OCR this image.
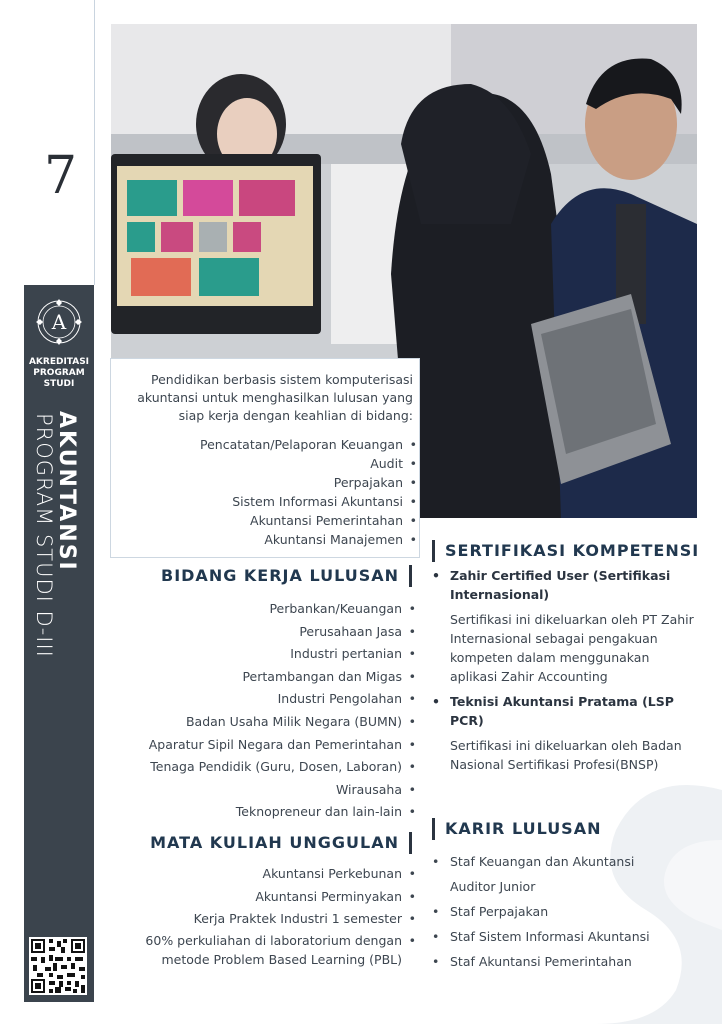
7
A
AKREDITASI
PROGRAM
STUDI
PROGRAM STUDI D-III
AKUNTANSI
Pendidikan berbasis sistem komputerisasi akuntansi untuk menghasilkan lulusan yang siap kerja dengan keahlian di bidang:
Pencatatan/Pelaporan Keuangan •
Audit •
Perpajakan •
Sistem Informasi Akuntansi •
Akuntansi Pemerintahan •
Akuntansi Manajemen •
BIDANG KERJA LULUSAN
Perbankan/Keuangan •
Perusahaan Jasa •
Industri pertanian •
Pertambangan dan Migas •
Industri Pengolahan •
Badan Usaha Milik Negara (BUMN) •
Aparatur Sipil Negara dan Pemerintahan •
Tenaga Pendidik (Guru, Dosen, Laboran) •
Wirausaha •
Teknopreneur dan lain-lain •
MATA KULIAH UNGGULAN
Akuntansi Perkebunan •
Akuntansi Perminyakan •
Kerja Praktek Industri 1 semester •
60% perkuliahan di laboratorium dengan metode Problem Based Learning (PBL) •
SERTIFIKASI KOMPETENSI
• Zahir Certified User (Sertifikasi Internasional)
Sertifikasi ini dikeluarkan oleh PT Zahir Internasional sebagai pengakuan kompeten dalam menggunakan aplikasi Zahir Accounting
• Teknisi Akuntansi Pratama (LSP PCR)
Sertifikasi ini dikeluarkan oleh Badan Nasional Sertifikasi Profesi(BNSP)
KARIR LULUSAN
• Staf Keuangan dan Akuntansi
Auditor Junior
• Staf Perpajakan
• Staf Sistem Informasi Akuntansi
• Staf Akuntansi Pemerintahan
